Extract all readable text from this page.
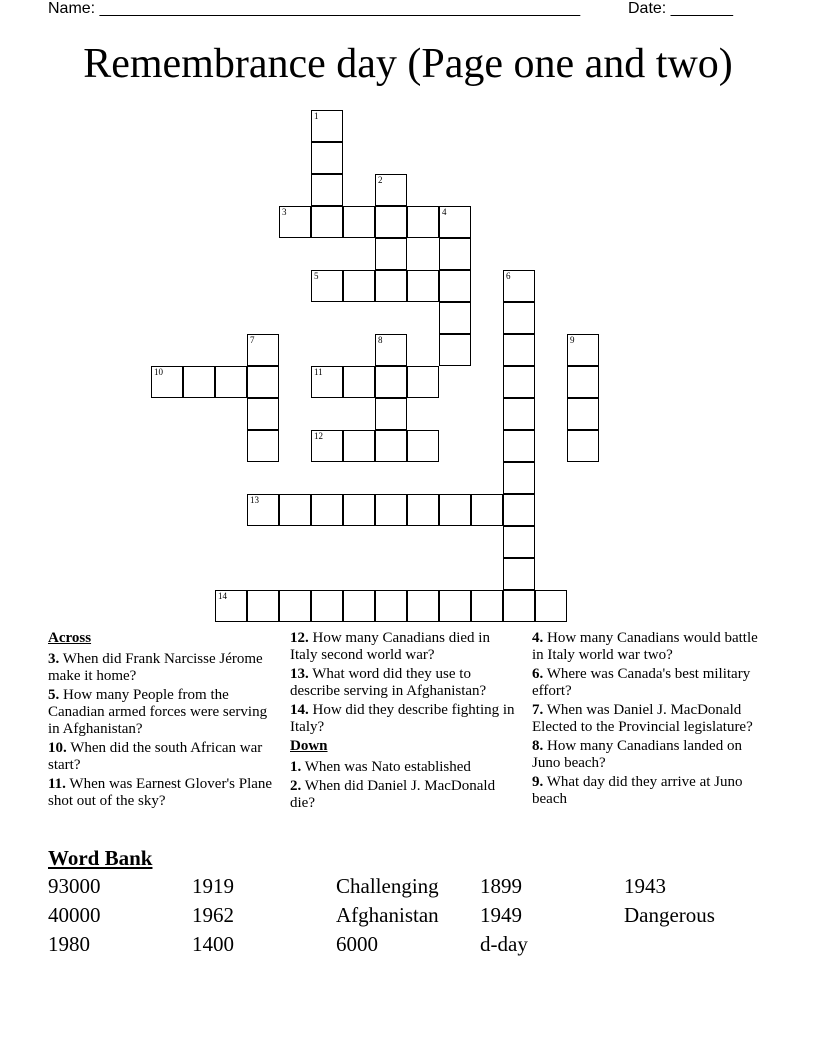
Name: ______________________________________________________	Date: _______
Remembrance day (Page one and two)
1
2
3	4
5	6
7	8	9
10	11
12
13
14
Across
3. When did Frank Narcisse Jérome make it home?
5. How many People from the Canadian armed forces were serving in Afghanistan?
10. When did the south African war start?
11. When was Earnest Glover's Plane shot out of the sky?
12. How many Canadians died in Italy second world war?
13. What word did they use to describe serving in Afghanistan?
14. How did they describe fighting in Italy?
Down
1. When was Nato established
2. When did Daniel J. MacDonald die?
4. How many Canadians would battle in Italy world war two?
6. Where was Canada's best military effort?
7. When was Daniel J. MacDonald Elected to the Provincial legislature?
8. How many Canadians landed on Juno beach?
9. What day did they arrive at Juno beach
Word Bank
93000	1919	Challenging 1899	1943
40000	1962	Afghanistan 1949	Dangerous
1980	1400	6000	d-day
